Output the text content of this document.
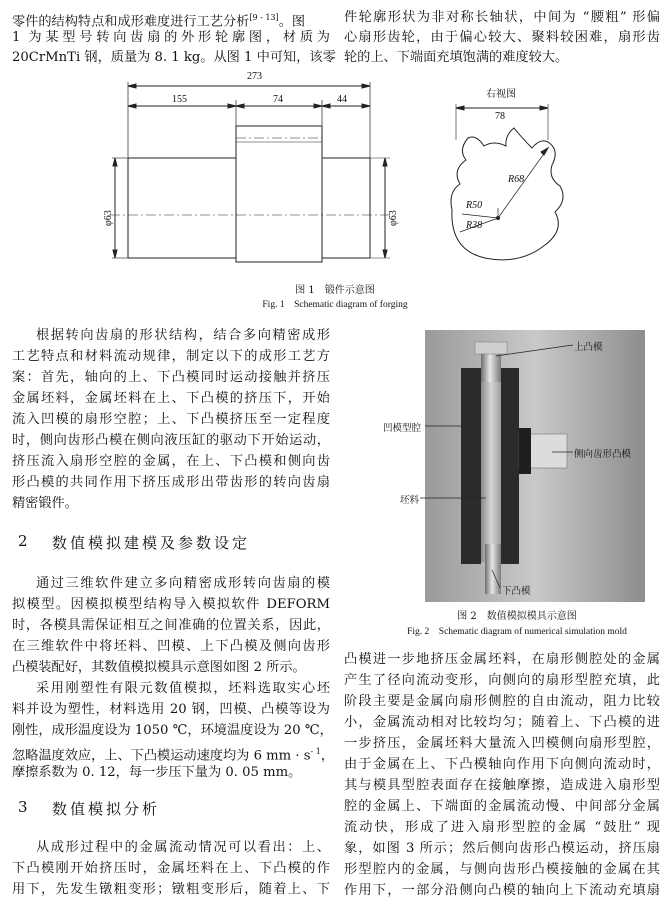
零件的结构特点和成形难度进行工艺分析[9 - 13]。图
1 为某型号转向齿扇的外形轮廓图，材质为
20CrMnTi 钢，质量为 8. 1 kg。从图 1 中可知，该零
件轮廓形状为非对称长轴状，中间为 “腰粗” 形偏
心扇形齿轮，由于偏心较大、聚料较困难，扇形齿
轮的上、下端面充填饱满的难度较大。
273
155	74	44
φ63	φ63
右视图
78
R68
R50
R38
图 1　锻件示意图
Fig. 1　Schematic diagram of forging
根据转向齿扇的形状结构，结合多向精密成形
工艺特点和材料流动规律，制定以下的成形工艺方
案：首先，轴向的上、下凸模同时运动接触并挤压
金属坯料，金属坯料在上、下凸模的挤压下，开始
流入凹模的扇形空腔；上、下凸模挤压至一定程度
时，侧向齿形凸模在侧向液压缸的驱动下开始运动，
挤压流入扇形空腔的金属，在上、下凸模和侧向齿
形凸模的共同作用下挤压成形出带齿形的转向齿扇
精密锻件。
2 数值模拟建模及参数设定
通过三维软件建立多向精密成形转向齿扇的模
拟模型。因模拟模型结构导入模拟软件 DEFORM
时，各模具需保证相互之间准确的位置关系，因此，
在三维软件中将坯料、凹模、上下凸模及侧向齿形
凸模装配好，其数值模拟模具示意图如图 2 所示。
采用刚塑性有限元数值模拟，坯料选取实心坯
料并设为塑性，材料选用 20 钢，凹模、凸模等设为
刚性，成形温度设为 1050 ℃，环境温度设为 20 ℃，
忽略温度效应，上、下凸模运动速度均为 6 mm · $s^{- 1}$，
摩擦系数为 0. 12，每一步压下量为 0. 05 mm。
3 数值模拟分析
从成形过程中的金属流动情况可以看出：上、
下凸模刚开始挤压时，金属坯料在上、下凸模的作
用下，先发生镦粗变形；镦粗变形后，随着上、下
上凸模
凹模型腔
侧向齿形凸模
坯料
下凸模
图 2　数值模拟模具示意图
Fig. 2　Schematic diagram of numerical simulation mold
凸模进一步地挤压金属坯料，在扇形侧腔处的金属
产生了径向流动变形，向侧向的扇形型腔充填，此
阶段主要是金属向扇形侧腔的自由流动，阻力比较
小，金属流动相对比较均匀；随着上、下凸模的进
一步挤压，金属坯料大量流入凹模侧向扇形型腔，
由于金属在上、下凸模轴向作用下向侧向流动时，
其与模具型腔表面存在接触摩擦，造成进入扇形型
腔的金属上、下端面的金属流动慢、中间部分金属
流动快，形成了进入扇形型腔的金属 “鼓肚” 现
象，如图 3 所示；然后侧向齿形凸模运动，挤压扇
形型腔内的金属，与侧向齿形凸模接触的金属在其
作用下，一部分沿侧向凸模的轴向上下流动充填扇
